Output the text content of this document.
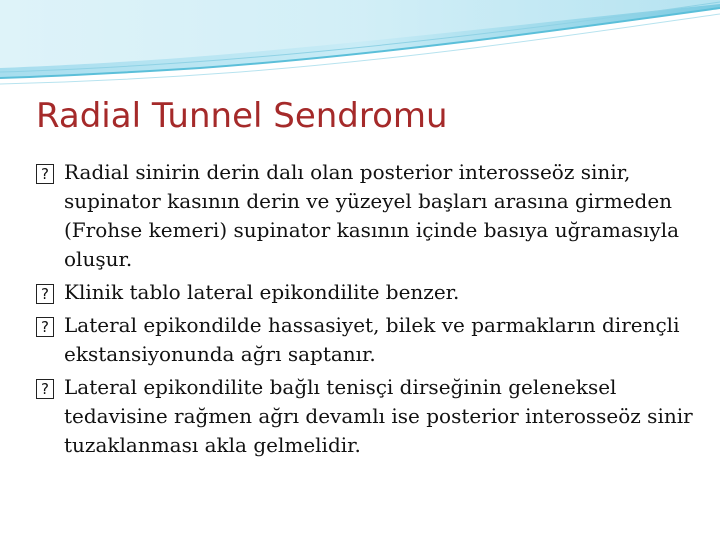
Radial Tunnel Sendromu
? Radial sinirin derin dalı olan posterior interosseöz sinir, supinator kasının derin ve yüzeyel başları arasına girmeden (Frohse kemeri) supinator kasının içinde basıya uğramasıyla oluşur.
? Klinik tablo lateral epikondilite benzer.
? Lateral epikondilde hassasiyet, bilek ve parmakların dirençli ekstansiyonunda ağrı saptanır.
? Lateral epikondilite bağlı tenisçi dirseğinin geleneksel tedavisine rağmen ağrı devamlı ise posterior interosseöz sinir tuzaklanması akla gelmelidir.
